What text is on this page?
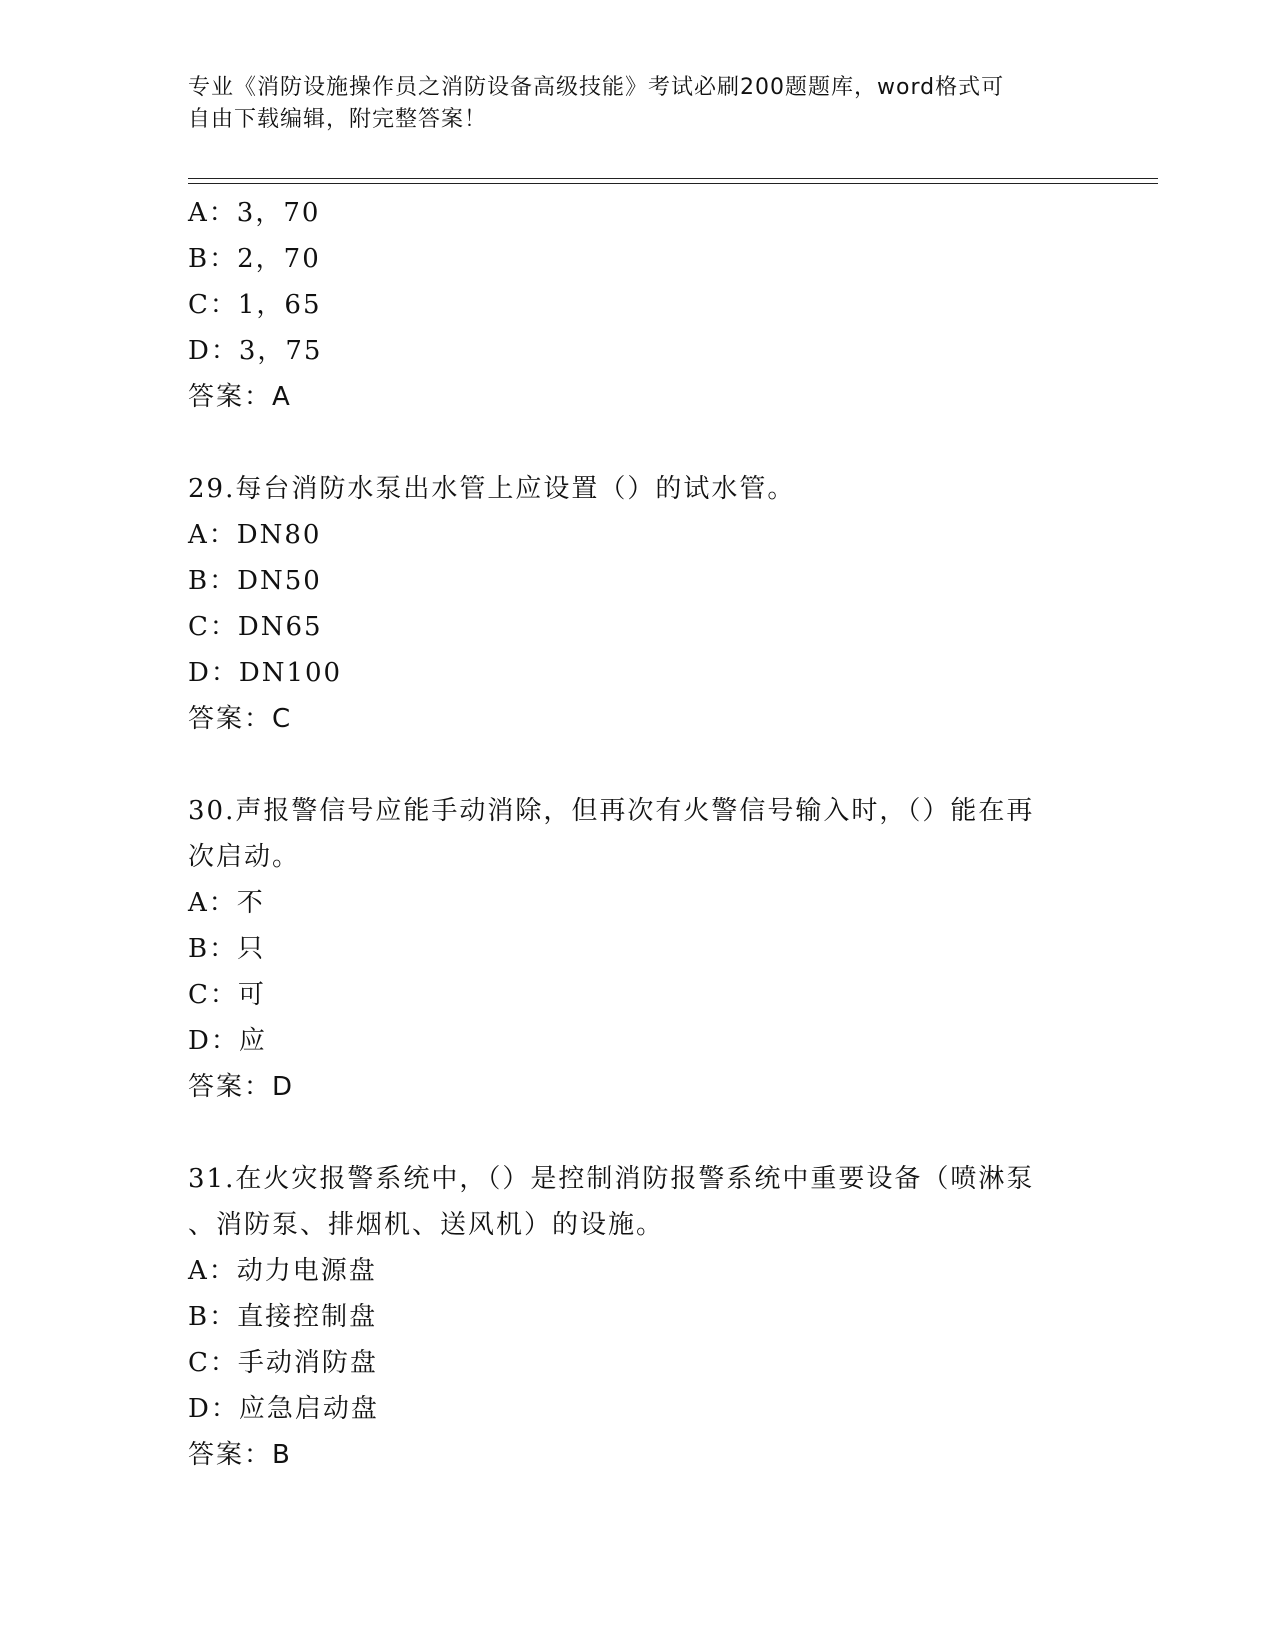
专业《消防设施操作员之消防设备高级技能》考试必刷200题题库，word格式可
自由下载编辑，附完整答案！
A：3，70
B：2，70
C：1，65
D：3，75
答案：A
29.每台消防水泵出水管上应设置（）的试水管。
A：DN80
B：DN50
C：DN65
D：DN100
答案：C
30.声报警信号应能手动消除，但再次有火警信号输入时，（）能在再
次启动。
A：不
B：只
C：可
D：应
答案：D
31.在火灾报警系统中，（）是控制消防报警系统中重要设备（喷淋泵
、消防泵、排烟机、送风机）的设施。
A：动力电源盘
B：直接控制盘
C：手动消防盘
D：应急启动盘
答案：B
